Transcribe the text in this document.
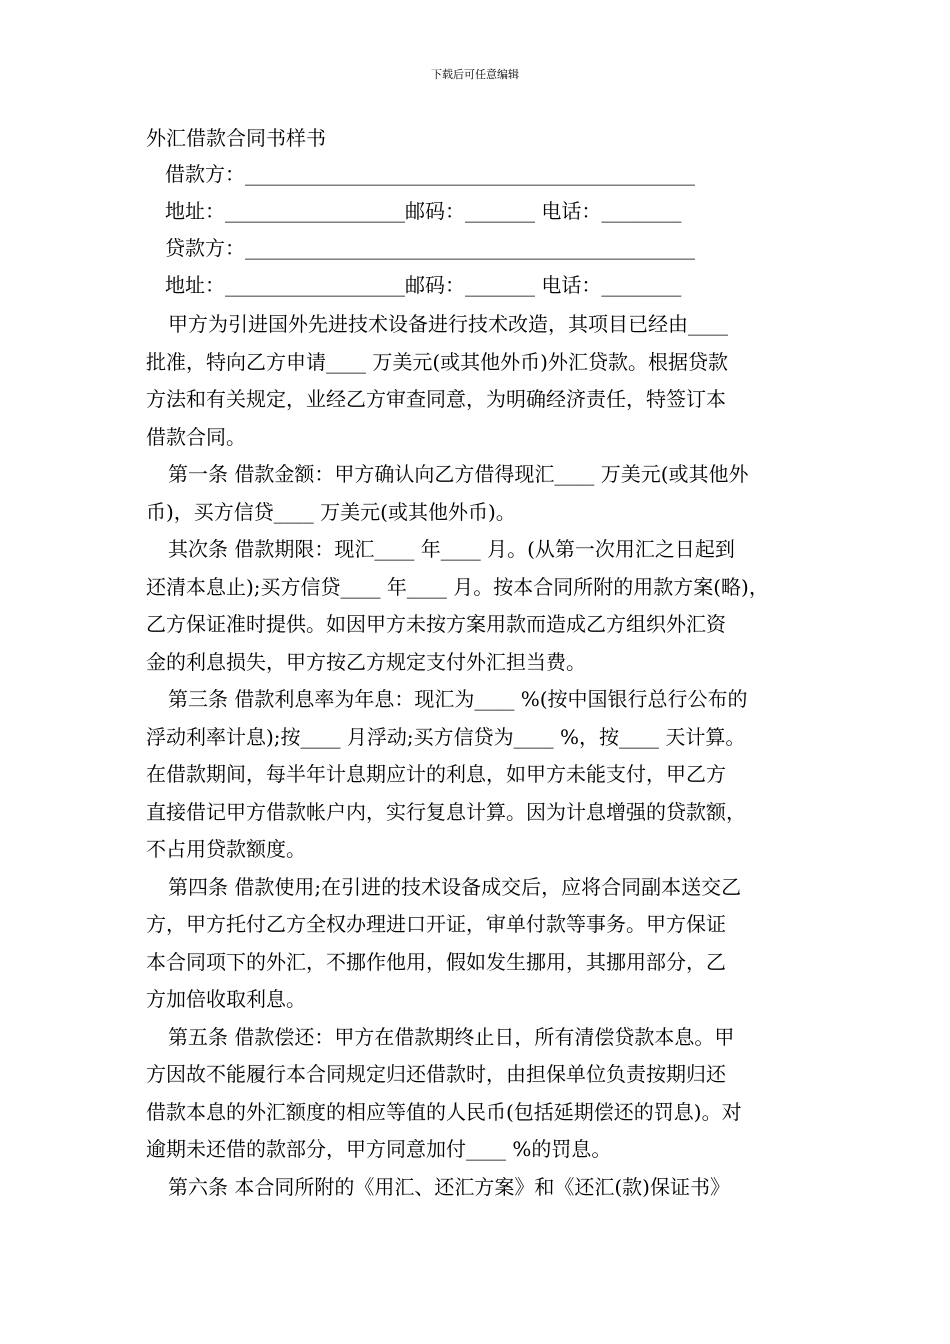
下载后可任意编辑
外汇借款合同书样书
借款方：_____________________________________________
地址：__________________邮码：_______ 电话：________
贷款方：_____________________________________________
地址：__________________邮码：_______ 电话：________
甲方为引进国外先进技术设备进行技术改造，其项目已经由____
批准，特向乙方申请____ 万美元(或其他外币)外汇贷款。根据贷款
方法和有关规定，业经乙方审查同意，为明确经济责任，特签订本
借款合同。
第一条 借款金额：甲方确认向乙方借得现汇____ 万美元(或其他外
币)，买方信贷____ 万美元(或其他外币)。
其次条 借款期限：现汇____ 年____ 月。(从第一次用汇之日起到
还清本息止);买方信贷____ 年____ 月。按本合同所附的用款方案(略)，
乙方保证准时提供。如因甲方未按方案用款而造成乙方组织外汇资
金的利息损失，甲方按乙方规定支付外汇担当费。
第三条 借款利息率为年息：现汇为____ %(按中国银行总行公布的
浮动利率计息);按____ 月浮动;买方信贷为____ %，按____ 天计算。
在借款期间，每半年计息期应计的利息，如甲方未能支付，甲乙方
直接借记甲方借款帐户内，实行复息计算。因为计息增强的贷款额，
不占用贷款额度。
第四条 借款使用;在引进的技术设备成交后，应将合同副本送交乙
方，甲方托付乙方全权办理进口开证，审单付款等事务。甲方保证
本合同项下的外汇，不挪作他用，假如发生挪用，其挪用部分，乙
方加倍收取利息。
第五条 借款偿还：甲方在借款期终止日，所有清偿贷款本息。甲
方因故不能履行本合同规定归还借款时，由担保单位负责按期归还
借款本息的外汇额度的相应等值的人民币(包括延期偿还的罚息)。对
逾期未还借的款部分，甲方同意加付____ %的罚息。
第六条 本合同所附的《用汇、还汇方案》和《还汇(款)保证书》
